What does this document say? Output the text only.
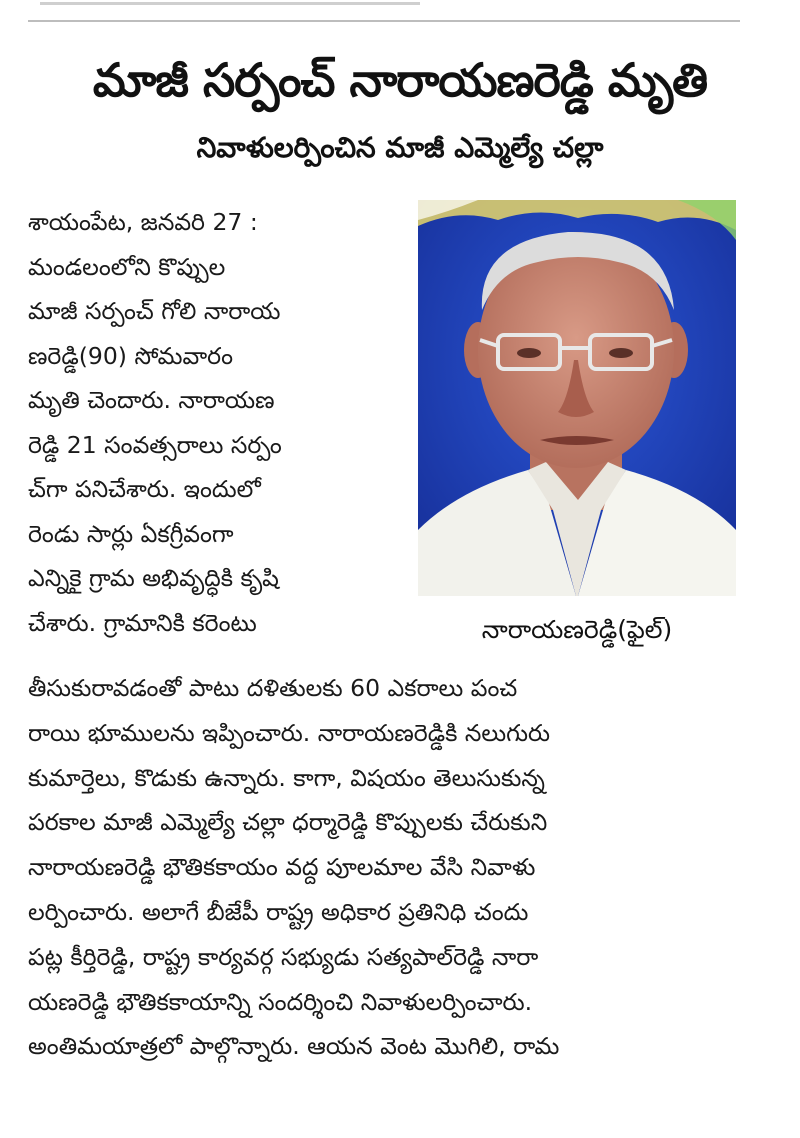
మాజీ సర్పంచ్ నారాయణరెడ్డి మృతి
నివాళులర్పించిన మాజీ ఎమ్మెల్యే చల్లా
శాయంపేట, జనవరి 27 :
మండలంలోని కొప్పుల
మాజీ సర్పంచ్ గోలి నారాయ
ణరెడ్డి(90) సోమవారం
మృతి చెందారు. నారాయణ
రెడ్డి 21 సంవత్సరాలు సర్పం
చ్‌గా పనిచేశారు. ఇందులో
రెండు సార్లు ఏకగ్రీవంగా
ఎన్నికై గ్రామ అభివృద్ధికి కృషి
చేశారు. గ్రామానికి కరెంటు	నారాయణరెడ్డి(ఫైల్)
తీసుకురావడంతో పాటు దళితులకు 60 ఎకరాలు పంచ
రాయి భూములను ఇప్పించారు. నారాయణరెడ్డికి నలుగురు
కుమార్తెలు, కొడుకు ఉన్నారు. కాగా, విషయం తెలుసుకున్న
పరకాల మాజీ ఎమ్మెల్యే చల్లా ధర్మారెడ్డి కొప్పులకు చేరుకుని
నారాయణరెడ్డి భౌతికకాయం వద్ద పూలమాల వేసి నివాళు
లర్పించారు. అలాగే బీజేపీ రాష్ట్ర అధికార ప్రతినిధి చందు
పట్ల కీర్తిరెడ్డి, రాష్ట్ర కార్యవర్గ సభ్యుడు సత్యపాల్‌రెడ్డి నారా
యణరెడ్డి భౌతికకాయాన్ని సందర్శించి నివాళులర్పించారు.
అంతిమయాత్రలో పాల్గొన్నారు. ఆయన వెంట మొగిలి, రామ
